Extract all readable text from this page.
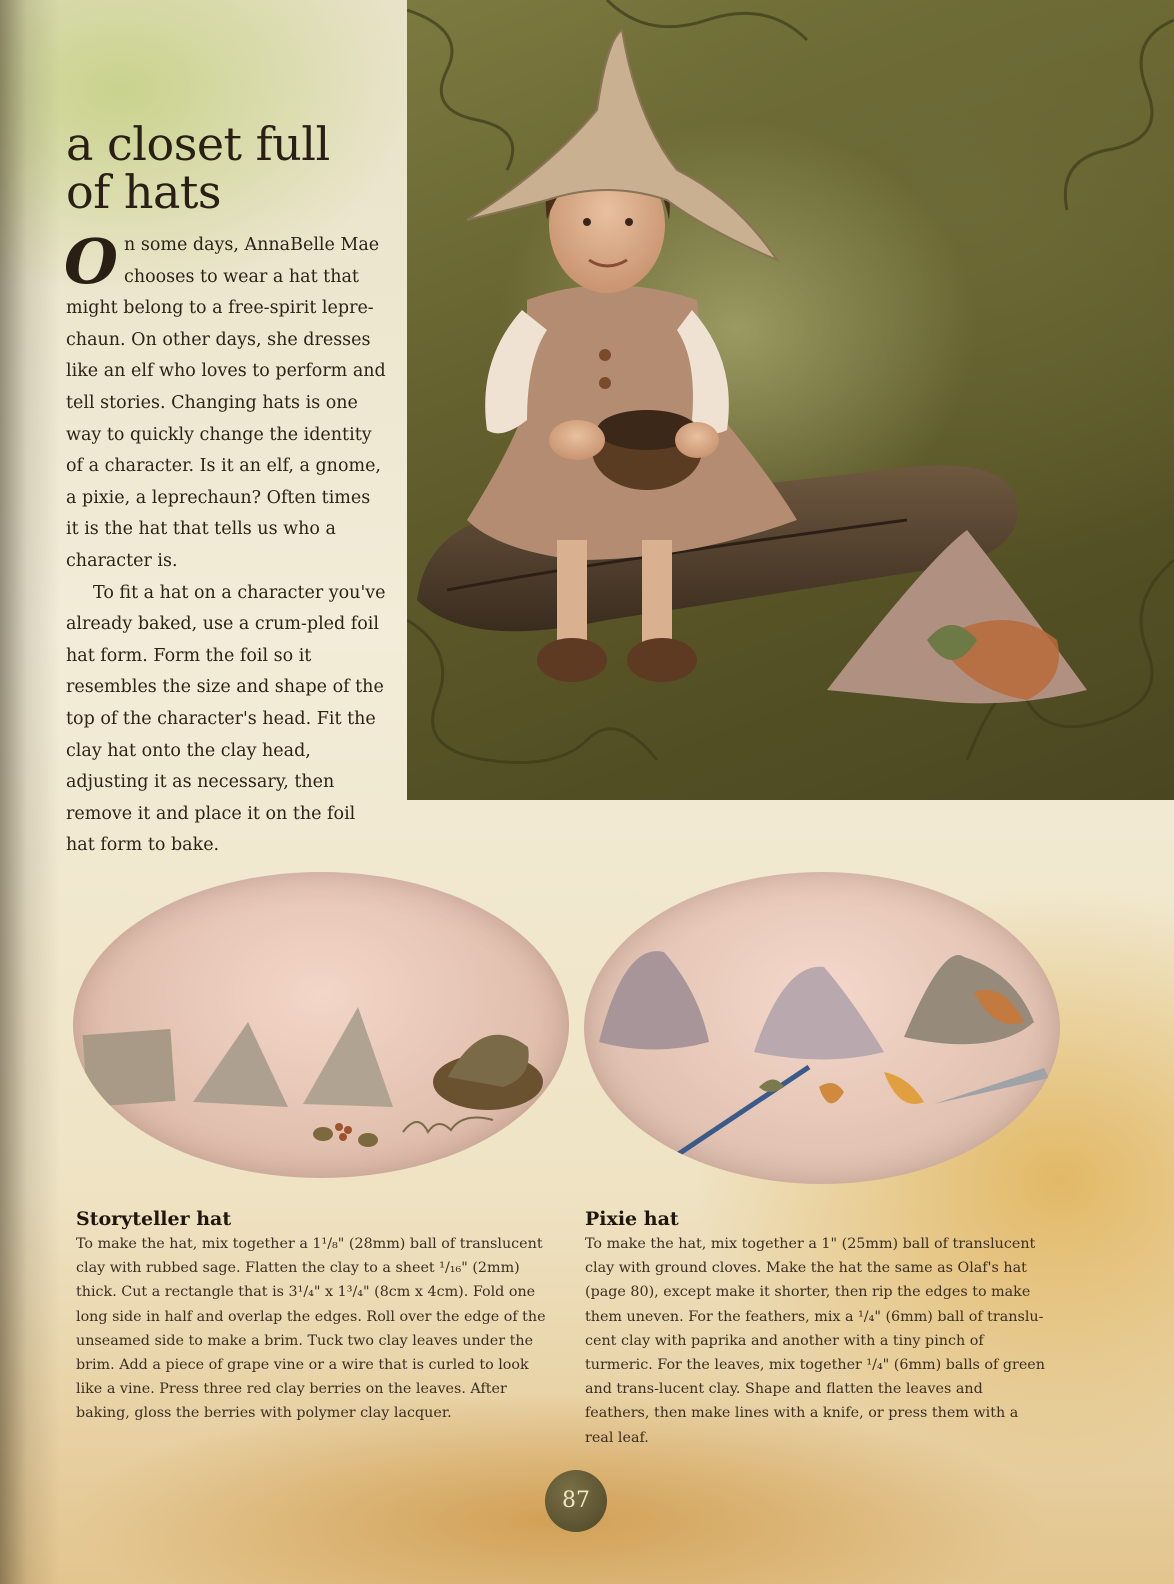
a closet full of hats

On some days, AnnaBelle Mae chooses to wear a hat that might belong to a free-spirit lepre-chaun. On other days, she dresses like an elf who loves to perform and tell stories. Changing hats is one way to quickly change the identity of a character. Is it an elf, a gnome, a pixie, a leprechaun? Often times it is the hat that tells us who a character is.

To fit a hat on a character you've already baked, use a crum-pled foil hat form. Form the foil so it resembles the size and shape of the top of the character's head. Fit the clay hat onto the clay head, adjusting it as necessary, then remove it and place it on the foil hat form to bake.

Storyteller hat

To make the hat, mix together a 1¹/₈" (28mm) ball of translucent clay with rubbed sage. Flatten the clay to a sheet ¹/₁₆" (2mm) thick. Cut a rectangle that is 3¹/₄" x 1³/₄" (8cm x 4cm). Fold one long side in half and overlap the edges. Roll over the edge of the unseamed side to make a brim. Tuck two clay leaves under the brim. Add a piece of grape vine or a wire that is curled to look like a vine. Press three red clay berries on the leaves. After baking, gloss the berries with polymer clay lacquer.

Pixie hat

To make the hat, mix together a 1" (25mm) ball of translucent clay with ground cloves. Make the hat the same as Olaf's hat (page 80), except make it shorter, then rip the edges to make them uneven. For the feathers, mix a ¹/₄" (6mm) ball of translu-cent clay with paprika and another with a tiny pinch of turmeric. For the leaves, mix together ¹/₄" (6mm) balls of green and trans-lucent clay. Shape and flatten the leaves and feathers, then make lines with a knife, or press them with a real leaf.

87
